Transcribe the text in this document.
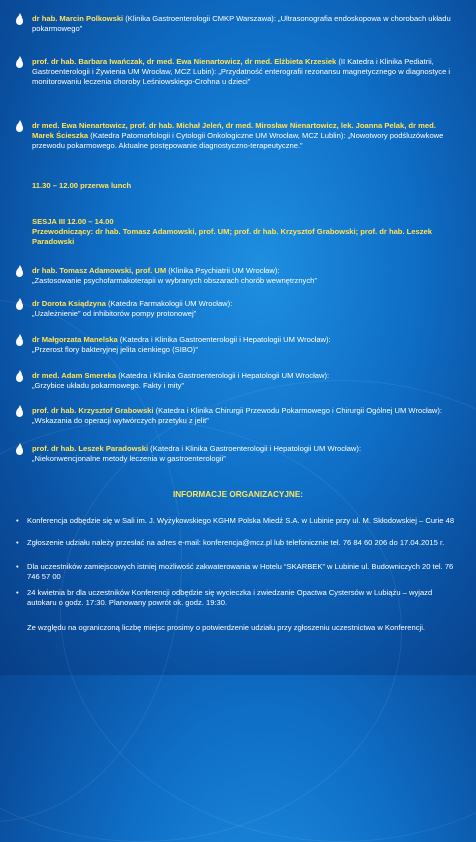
dr hab. Marcin Polkowski (Klinika Gastroenterologii CMKP Warszawa): „Ultrasonografia endoskopowa w chorobach układu pokarmowego”
prof. dr hab. Barbara Iwańczak, dr med. Ewa Nienartowicz, dr med. Elżbieta Krzesiek (II Katedra i Klinika Pediatrii, Gastroenterologii i Żywienia UM Wrocław, MCZ Lubin): „Przydatność enterografii rezonansu magnetycznego w diagnostyce i monitorowaniu leczenia choroby Leśniowskiego-Crohna u dzieci”
dr med. Ewa Nienartowicz, prof. dr hab. Michał Jeleń, dr med. Mirosław Nienartowicz, lek. Joanna Pelak, dr med. Marek Ścieszka (Katedra Patomorfologii i Cytologii Onkologiczne UM Wrocław, MCZ Lublin): „Nowotwory podśluzówkowe przewodu pokarmowego. Aktualne postępowanie diagnostyczno-terapeutyczne.”
11.30 – 12.00 przerwa lunch
SESJA III 12.00 – 14.00
Przewodniczący: dr hab. Tomasz Adamowski, prof. UM; prof. dr hab. Krzysztof Grabowski; prof. dr hab. Leszek Paradowski
dr hab. Tomasz Adamowski, prof. UM (Klinika Psychiatrii UM Wrocław):
„Zastosowanie psychofarmakoterapii w wybranych obszarach chorób wewnętrznych”
dr Dorota Ksiądzyna (Katedra Farmakologii UM Wrocław):
„Uzależnienie” od inhibitorów pompy protonowej”
dr Małgorzata Manelska (Katedra i Klinika Gastroenterologii i Hepatologii UM Wrocław):
„Przerost flory bakteryjnej jelita cienkiego (SIBO)”
dr med. Adam Smereka (Katedra i Klinika Gastroenterologii i Hepatologii UM Wrocław):
„Grzybice układu pokarmowego. Fakty i mity”
prof. dr hab. Krzysztof Grabowski (Katedra i Klinika Chirurgii Przewodu Pokarmowego i Chirurgii Ogólnej UM Wrocław): „Wskazania do operacji wytwórczych przetyku z jelit”
prof. dr hab. Leszek Paradowski (Katedra i Klinika Gastroenterologii i Hepatologii UM Wrocław):
„Niekonwencjonalne metody leczenia w gastroenterologii”
INFORMACJE ORGANIZACYJNE:
• Konferencja odbędzie się w Sali im. J. Wyżykowskiego KGHM Polska Miedź S.A. w Lubinie przy ul. M. Skłodowskiej – Curie 48
• Zgłoszenie udziału należy przesłać na adres e-mail: konferencja@mcz.pl lub telefonicznie tel. 76 84 60 206 do 17.04.2015 r.
• Dla uczestników zamiejscowych istniej możliwość zakwaterowania w Hotelu “SKARBEK” w Lubinie ul. Budowniczych 20 tel. 76 746 57 00
• 24 kwietnia br dla uczestników Konferencji odbędzie się wycieczka i zwiedzanie Opactwa Cystersów w Lubiążu – wyjazd autokaru o godz. 17:30. Planowany powrót ok. godz. 19:30.
Ze względu na ograniczoną liczbę miejsc prosimy o potwierdzenie udziału przy zgłoszeniu uczestnictwa w Konferencji.
